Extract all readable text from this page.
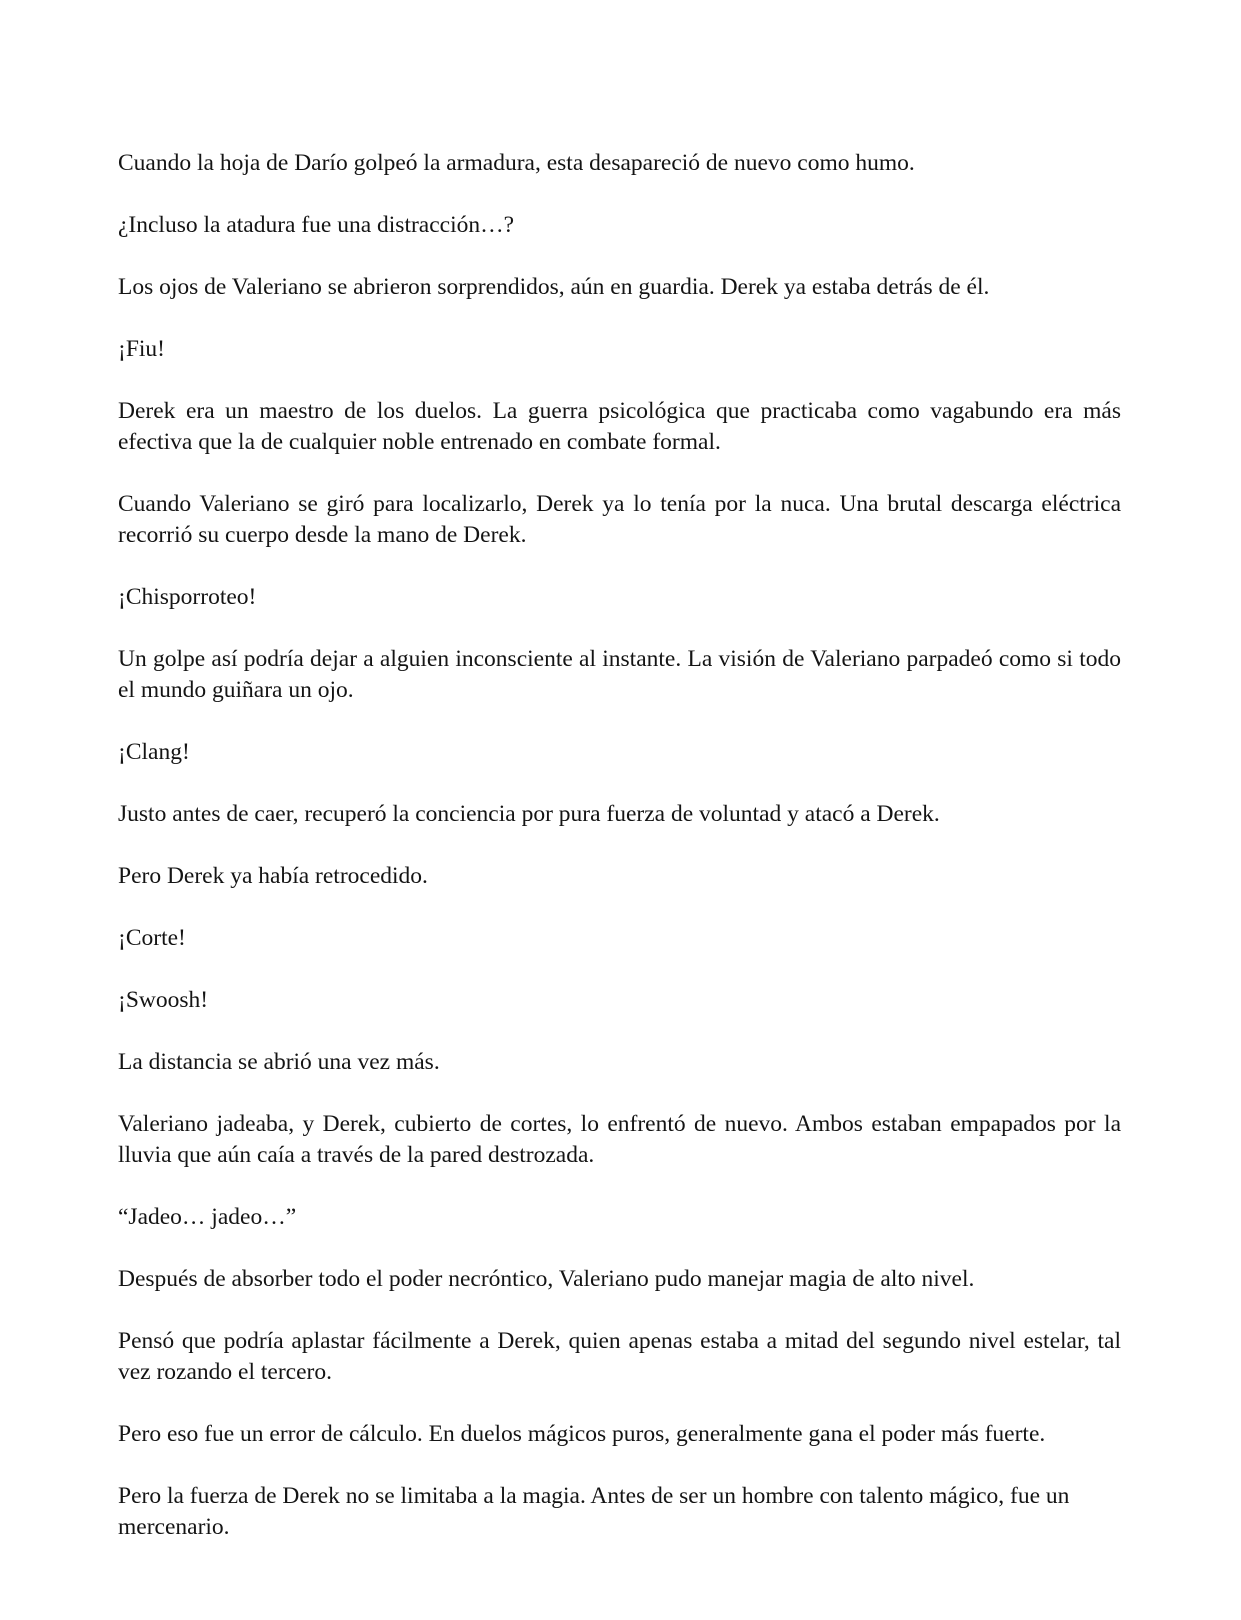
Cuando la hoja de Darío golpeó la armadura, esta desapareció de nuevo como humo.

¿Incluso la atadura fue una distracción…?

Los ojos de Valeriano se abrieron sorprendidos, aún en guardia. Derek ya estaba detrás de él.

¡Fiu!

Derek era un maestro de los duelos. La guerra psicológica que practicaba como vagabundo era más efectiva que la de cualquier noble entrenado en combate formal.

Cuando Valeriano se giró para localizarlo, Derek ya lo tenía por la nuca. Una brutal descarga eléctrica recorrió su cuerpo desde la mano de Derek.

¡Chisporroteo!

Un golpe así podría dejar a alguien inconsciente al instante. La visión de Valeriano parpadeó como si todo el mundo guiñara un ojo.

¡Clang!

Justo antes de caer, recuperó la conciencia por pura fuerza de voluntad y atacó a Derek.

Pero Derek ya había retrocedido.

¡Corte!

¡Swoosh!

La distancia se abrió una vez más.

Valeriano jadeaba, y Derek, cubierto de cortes, lo enfrentó de nuevo. Ambos estaban empapados por la lluvia que aún caía a través de la pared destrozada.

“Jadeo… jadeo…”

Después de absorber todo el poder necróntico, Valeriano pudo manejar magia de alto nivel.

Pensó que podría aplastar fácilmente a Derek, quien apenas estaba a mitad del segundo nivel estelar, tal vez rozando el tercero.

Pero eso fue un error de cálculo. En duelos mágicos puros, generalmente gana el poder más fuerte.

Pero la fuerza de Derek no se limitaba a la magia. Antes de ser un hombre con talento mágico, fue un mercenario.
